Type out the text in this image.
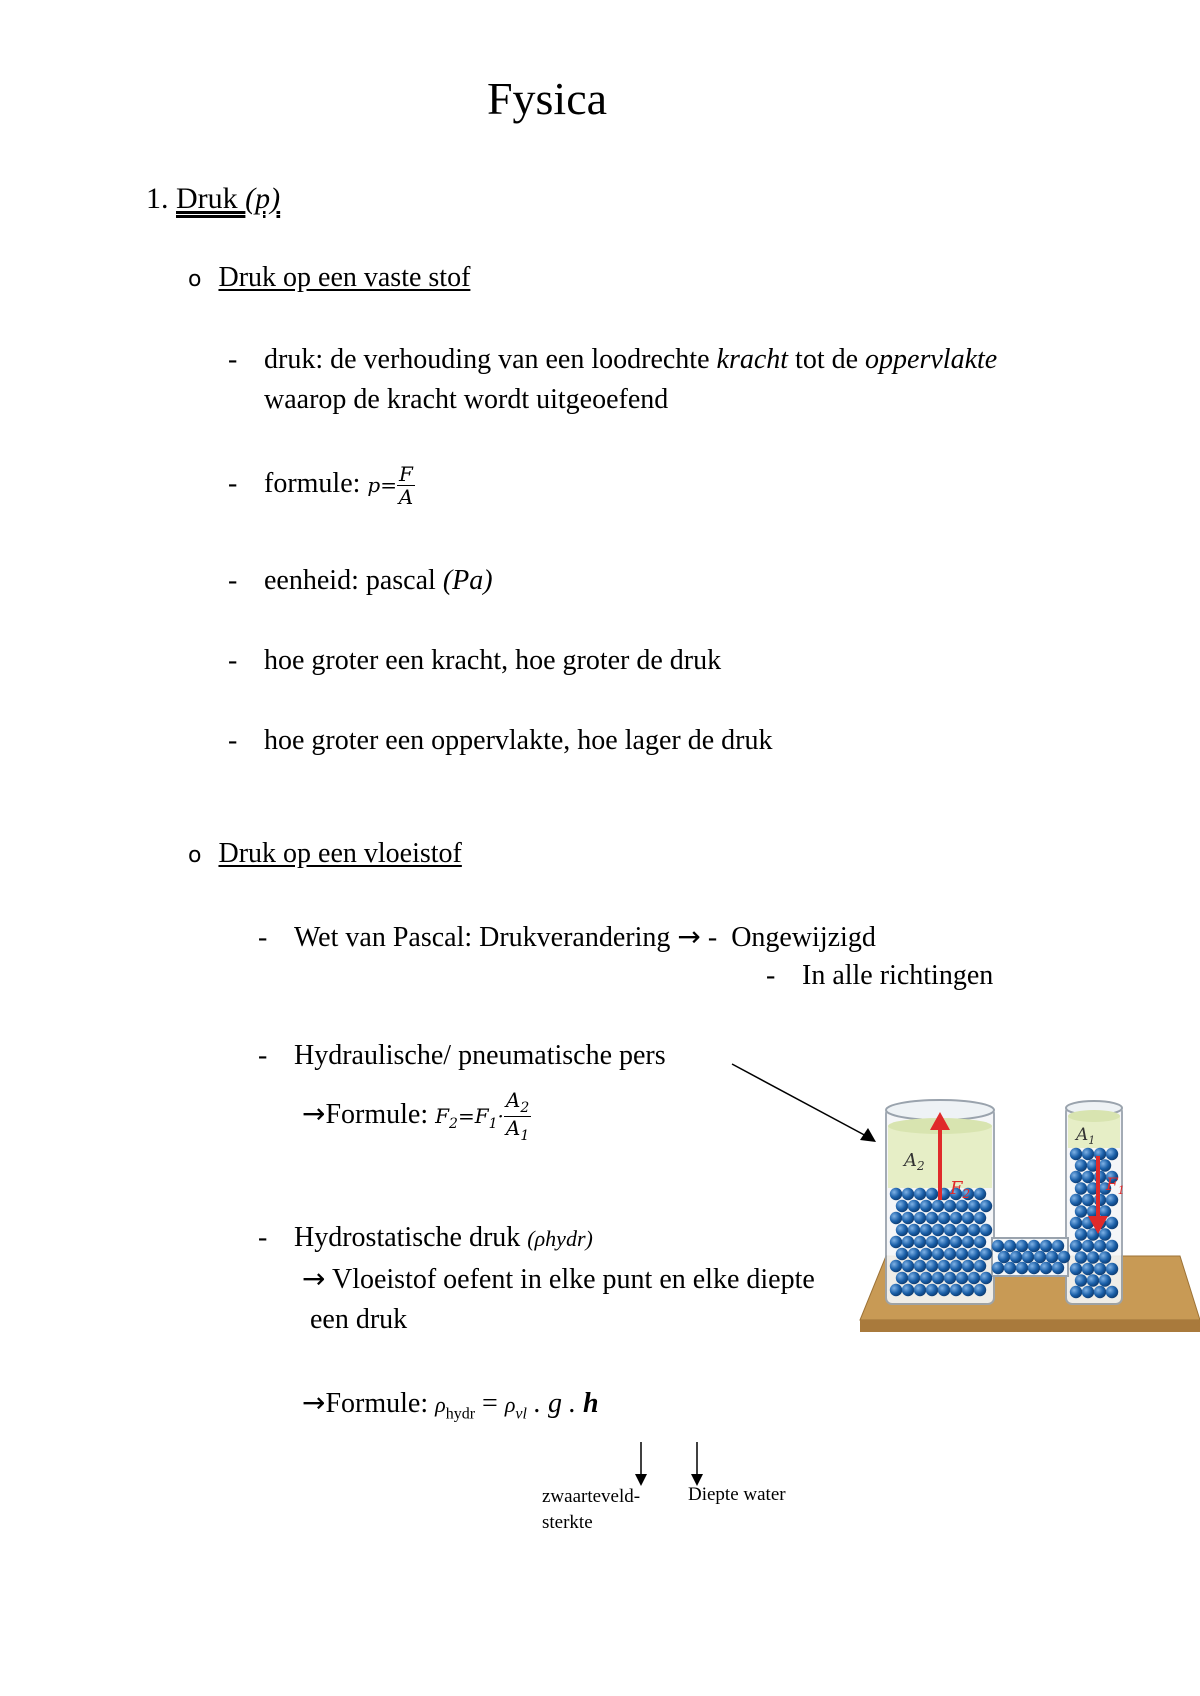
Fysica
1. Druk (p)
o Druk op een vaste stof
- druk: de verhouding van een loodrechte kracht tot de oppervlakte
waarop de kracht wordt uitgeoefend
- formule: $p= \frac{F}{A}$
- eenheid: pascal (Pa)
- hoe groter een kracht, hoe groter de druk
- hoe groter een oppervlakte, hoe lager de druk
o Druk op een vloeistof
- Wet van Pascal: Drukverandering → -  Ongewijzigd
- In alle richtingen
- Hydraulische/ pneumatische pers
→Formule: $F_2=F_1\cdot \frac{A_2}{A_1}$
- Hydrostatische druk (ρhydr)
→ Vloeistof oefent in elke punt en elke diepte
een druk
→Formule: $\rho_{hydr} = \rho_{vl}$ . g . h
zwaarteveld-
sterkte
Diepte water
$A_2$
$F_2$
$A_1$
$F_1$
